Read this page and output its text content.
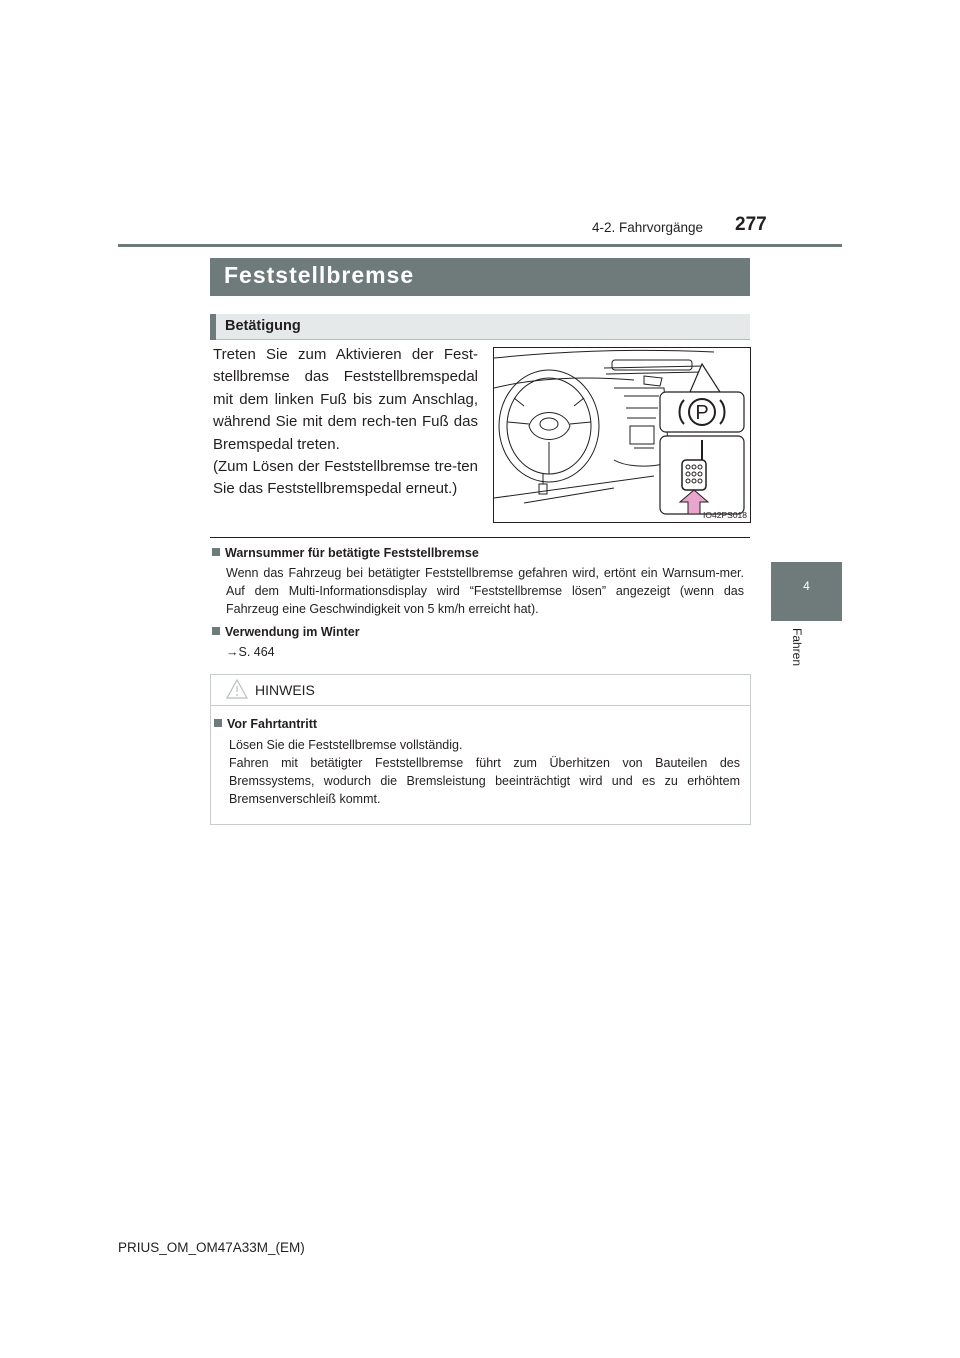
277
4-2. Fahrvorgänge
4
Fahren
Feststellbremse
Betätigung

Treten Sie zum Aktivieren der Fest-stellbremse das Feststellbremspedal mit dem linken Fuß bis zum Anschlag, während Sie mit dem rech-ten Fuß das Bremspedal treten.

(Zum Lösen der Feststellbremse tre-ten Sie das Feststellbremspedal erneut.)

P
IO42PS018
Warnsummer für betätigte Feststellbremse
Wenn das Fahrzeug bei betätigter Feststellbremse gefahren wird, ertönt ein Warnsum-mer. Auf dem Multi-Informationsdisplay wird “Feststellbremse lösen” angezeigt (wenn das Fahrzeug eine Geschwindigkeit von 5 km/h erreicht hat).
Verwendung im Winter
→S. 464
HINWEIS
Vor Fahrtantritt

Lösen Sie die Feststellbremse vollständig.

Fahren mit betätigter Feststellbremse führt zum Überhitzen von Bauteilen des Bremssystems, wodurch die Bremsleistung beeinträchtigt wird und es zu erhöhtem Bremsenverschleiß kommt.

PRIUS_OM_OM47A33M_(EM)
